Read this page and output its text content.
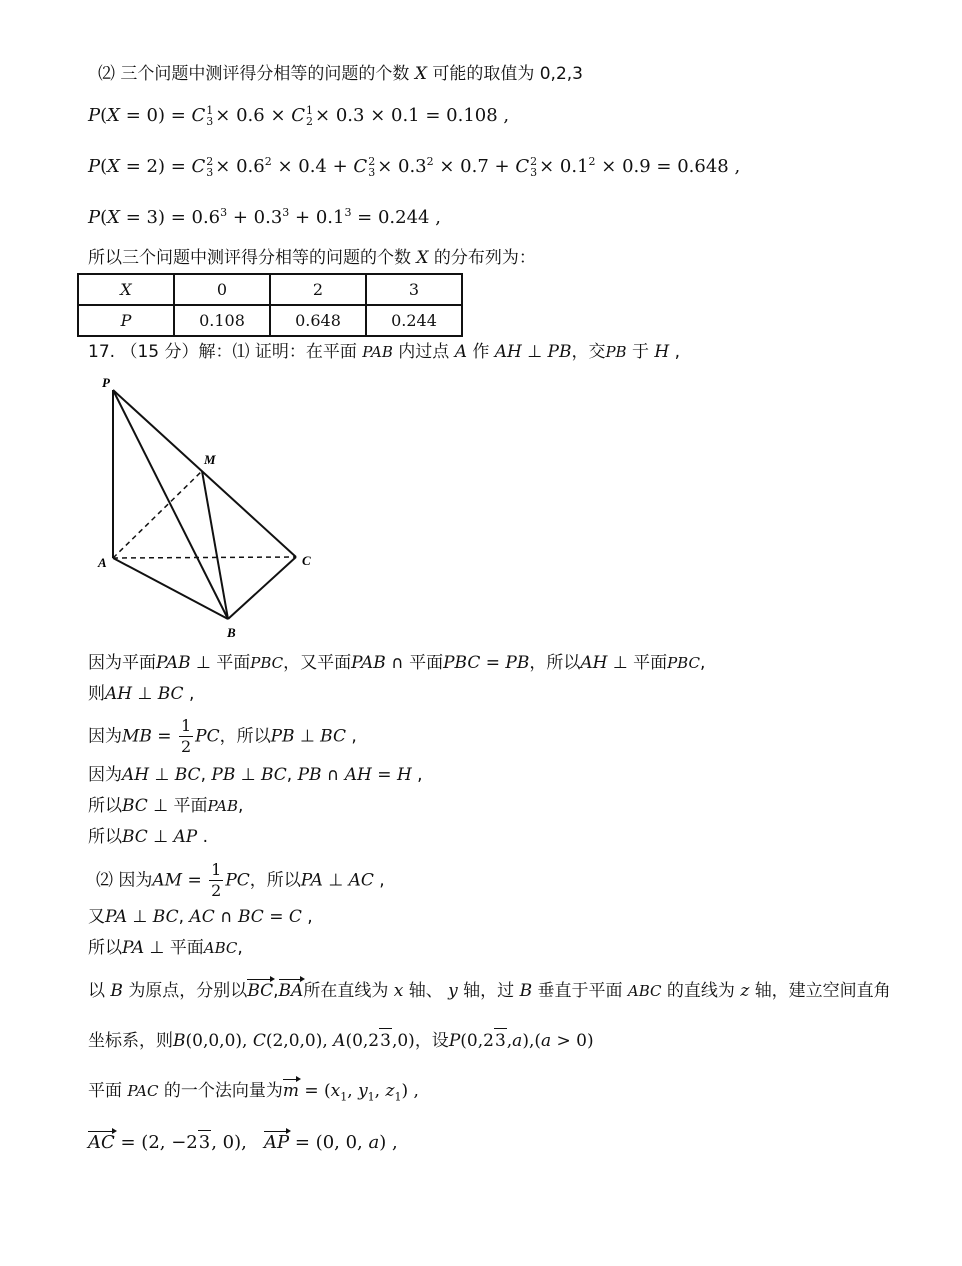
⑵ 三个问题中测评得分相等的问题的个数 X 可能的取值为 0,2,3
P(X = 0) = C 1
3 × 0.6 × C 1
2 × 0.3 × 0.1 = 0.108 ,
P(X = 2) = C 2
$3 \times 0.6^2 \times 0.4 + C$ 2
$3 \times 0.3^2 \times 0.7 + C$ 2
$3 \times 0.1^2 \times 0.9 = 0.648$ ,
$P(X = 3) = 0.6^3 + 0.3^3 + 0.1^3 = 0.244$ ,
所以三个问题中测评得分相等的问题的个数 X 的分布列为：
X	0	2	3
P	0.108	0.648	0.244
17. （15 分）解：⑴ 证明：在平面 PAB 内过点 A 作 AH ⊥ PB，交PB 于 H ,
P
M
A	C
B
因为平面PAB ⊥ 平面PBC，又平面PAB ∩ 平面PBC = PB，所以AH ⊥ 平面PBC,
则AH ⊥ BC ,
因为MB = $\frac{1}{2}$ PC，所以PB ⊥ BC ,
因为AH ⊥ BC, PB ⊥ BC, PB ∩ AH = H ,
所以BC ⊥ 平面PAB,
所以BC ⊥ AP .
⑵ 因为AM = $\frac{1}{2}$ PC，所以PA ⊥ AC ,
又PA ⊥ BC, AC ∩ BC = C ,
所以PA ⊥ 平面ABC,
以 B 为原点，分别以BC,BA所在直线为 x 轴、 y 轴，过 B 垂直于平面 ABC 的直线为 z 轴，建立空间直角
坐标系，则B(0,0,0), C(2,0,0), A(0,23,0)，设P(0,23,a),(a > 0)
平面 PAC 的一个法向量为$m = (x_1$, $y_1$, $z_1$) ,
AC = (2, −23, 0),   AP = (0, 0, a) ,
